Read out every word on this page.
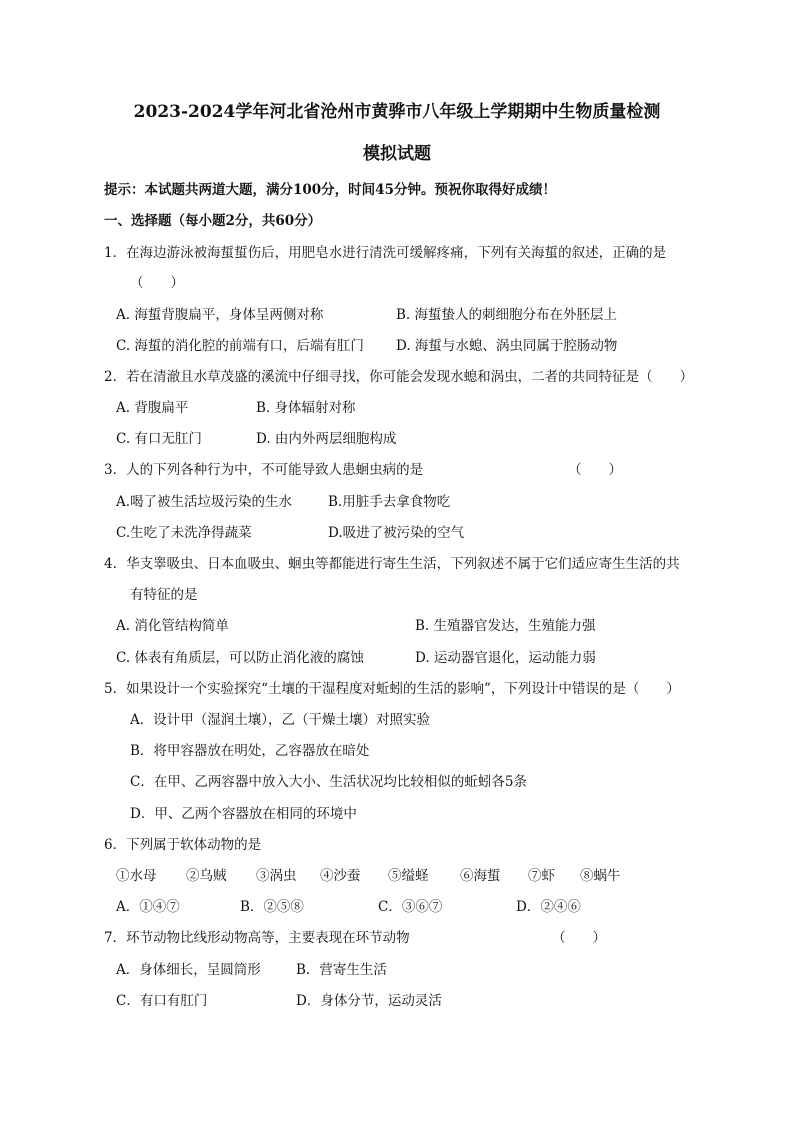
2023-2024学年河北省沧州市黄骅市八年级上学期期中生物质量检测
模拟试题
提示：本试题共两道大题，满分100分，时间45分钟。预祝你取得好成绩！
一、选择题（每小题2分，共60分）
1．在海边游泳被海蜇蜇伤后，用肥皂水进行清洗可缓解疼痛，下列有关海蜇的叙述，正确的是
（　　）
A. 海蜇背腹扁平，身体呈两侧对称	B. 海蜇蛰人的刺细胞分布在外胚层上
C. 海蜇的消化腔的前端有口，后端有肛门 D. 海蜇与水螅、涡虫同属于腔肠动物
2．若在清澈且水草茂盛的溪流中仔细寻找，你可能会发现水螅和涡虫，二者的共同特征是（　　）
A. 背腹扁平	B. 身体辐射对称
C. 有口无肛门	D. 由内外两层细胞构成
3．人的下列各种行为中，不可能导致人患蛔虫病的是	（　　）
A.喝了被生活垃圾污染的生水	B.用脏手去拿食物吃
C.生吃了未洗净得蔬菜	D.吸进了被污染的空气
4．华支睾吸虫、日本血吸虫、蛔虫等都能进行寄生生活，下列叙述不属于它们适应寄生生活的共
有特征的是
A. 消化管结构简单	B. 生殖器官发达，生殖能力强
C. 体表有角质层，可以防止消化液的腐蚀	D. 运动器官退化，运动能力弱
5．如果设计一个实验探究“土壤的干湿程度对蚯蚓的生活的影响”，下列设计中错误的是（　　）
A．设计甲（湿润土壤），乙（干燥土壤）对照实验
B．将甲容器放在明处，乙容器放在暗处
C．在甲、乙两容器中放入大小、生活状况均比较相似的蚯蚓各5条
D．甲、乙两个容器放在相同的环境中
6．下列属于软体动物的是
①水母 ②乌贼 ③涡虫 ④沙蚕 ⑤缢蛏 ⑥海蜇 ⑦虾 ⑧蜗牛
A．①④⑦	B．②⑤⑧	C．③⑥⑦	D．②④⑥
7．环节动物比线形动物高等，主要表现在环节动物	（　　）
A．身体细长，呈圆筒形	B．营寄生生活
C．有口有肛门	D．身体分节，运动灵活
